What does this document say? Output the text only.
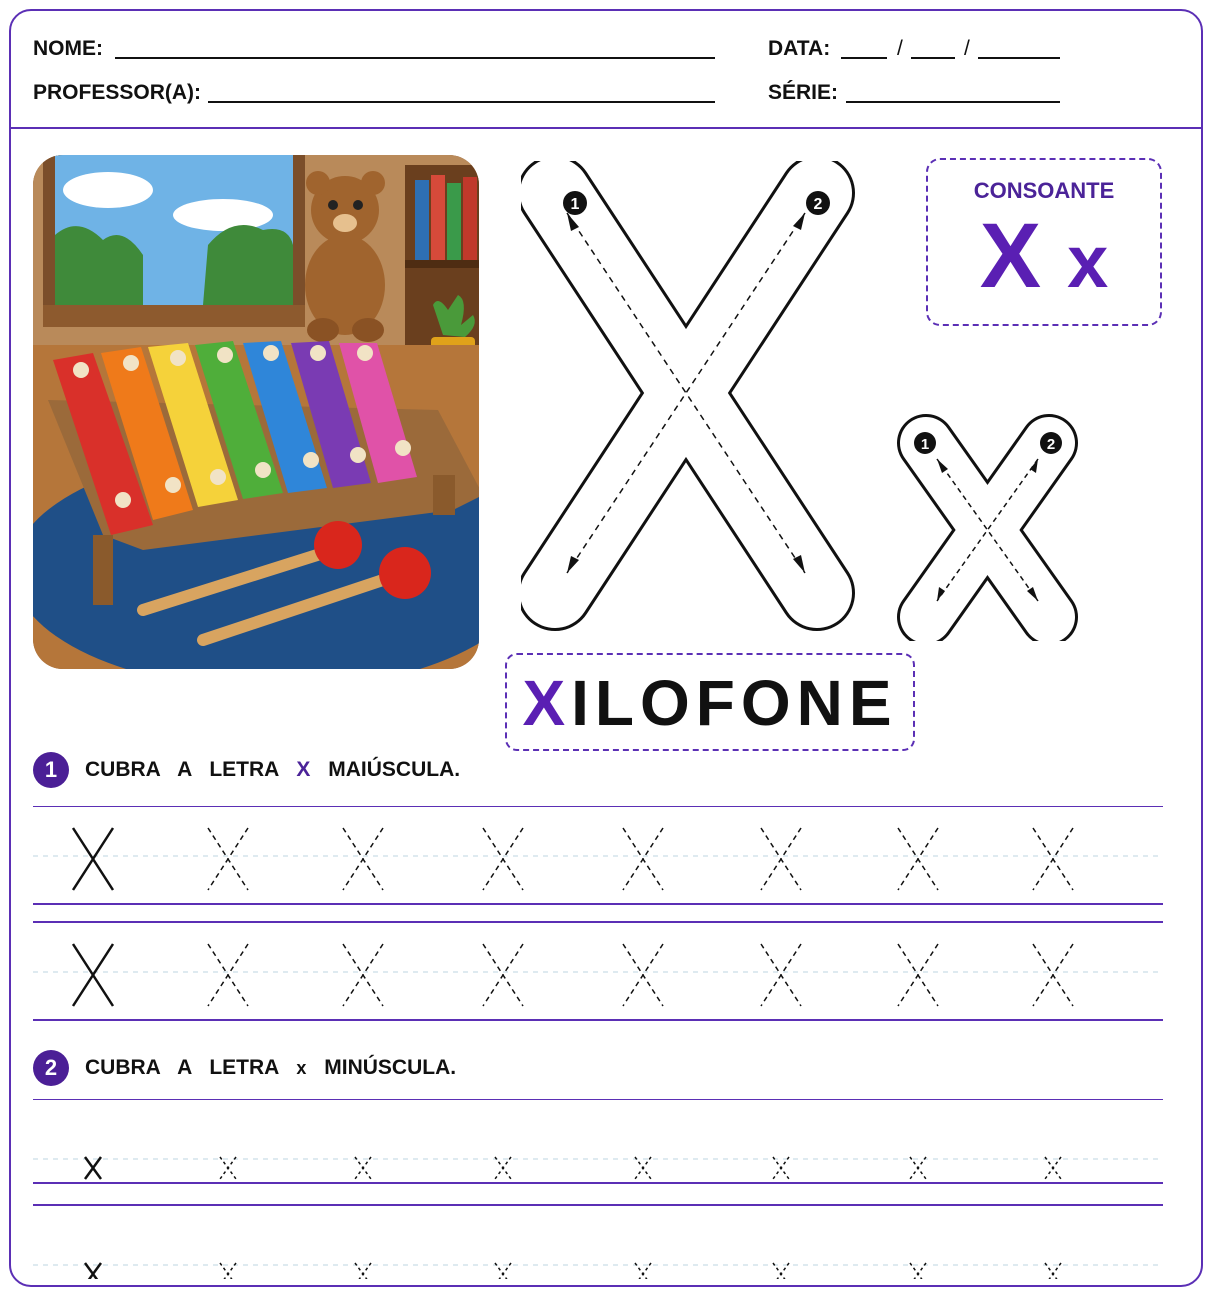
NOME:	DATA:	/	/
PROFESSOR(A):	SÉRIE:
1	2
1	2
CONSOANTE
X x
XILOFONE
1	CUBRA A LETRA X MAIÚSCULA.
2	CUBRA A LETRA x MINÚSCULA.
